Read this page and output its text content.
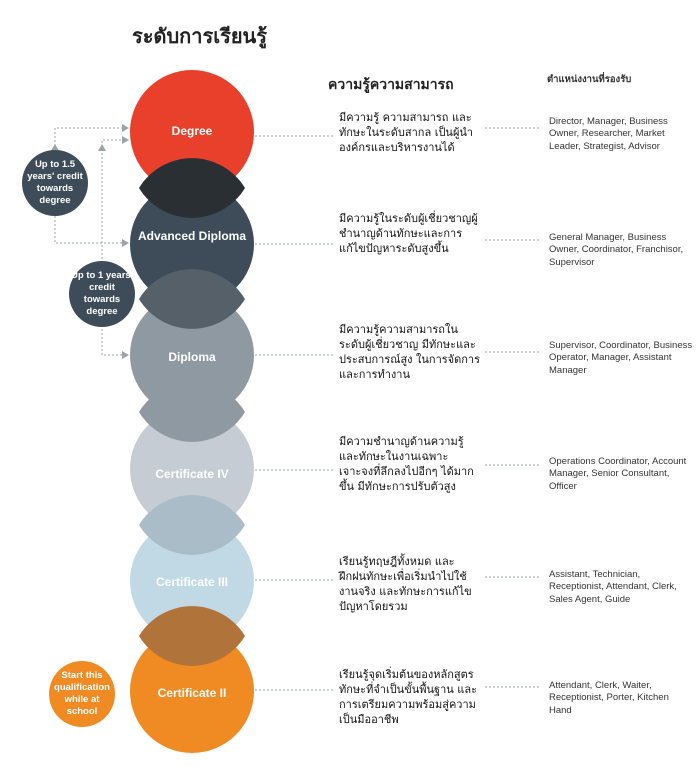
ระดับการเรียนรู้
ความรู้ความสามารถ	ตำแหน่งงานที่รองรับ
Degree
Advanced Diploma
Diploma
Certificate IV
Certificate III
Certificate II
Up to 1.5 years' credit towards degree
Up to 1 years' credit towards degree
Start this qualification while at school
มีความรู้ ความสามารถ และทักษะในระดับสากล เป็นผู้นำองค์กรและบริหารงานได้
มีความรู้ในระดับผู้เชี่ยวชาญผู้ชำนาญด้านทักษะและการแก้ไขปัญหาระดับสูงขึ้น
มีความรู้ความสามารถในระดับผู้เชี่ยวชาญ มีทักษะและประสบการณ์สูง ในการจัดการและการทำงาน
มีความชำนาญด้านความรู้ และทักษะในงานเฉพาะเจาะจงที่ลึกลงไปอีกๆ ได้มากขึ้น มีทักษะการปรับตัวสูง
เรียนรู้ทฤษฎีทั้งหมด และฝึกฝนทักษะเพื่อเริ่มนำไปใช้งานจริง และทักษะการแก้ไขปัญหาโดยรวม
เรียนรู้จุดเริ่มต้นของหลักสูตร ทักษะที่จำเป็นขั้นพื้นฐาน และการเตรียมความพร้อมสู่ความเป็นมืออาชีพ
Director, Manager, Business Owner, Researcher, Market Leader, Strategist, Advisor
General Manager, Business Owner, Coordinator, Franchisor, Supervisor
Supervisor, Coordinator, Business Operator, Manager, Assistant Manager
Operations Coordinator, Account Manager, Senior Consultant, Officer
Assistant, Technician, Receptionist, Attendant, Clerk, Sales Agent, Guide
Attendant, Clerk, Waiter, Receptionist, Porter, Kitchen Hand
